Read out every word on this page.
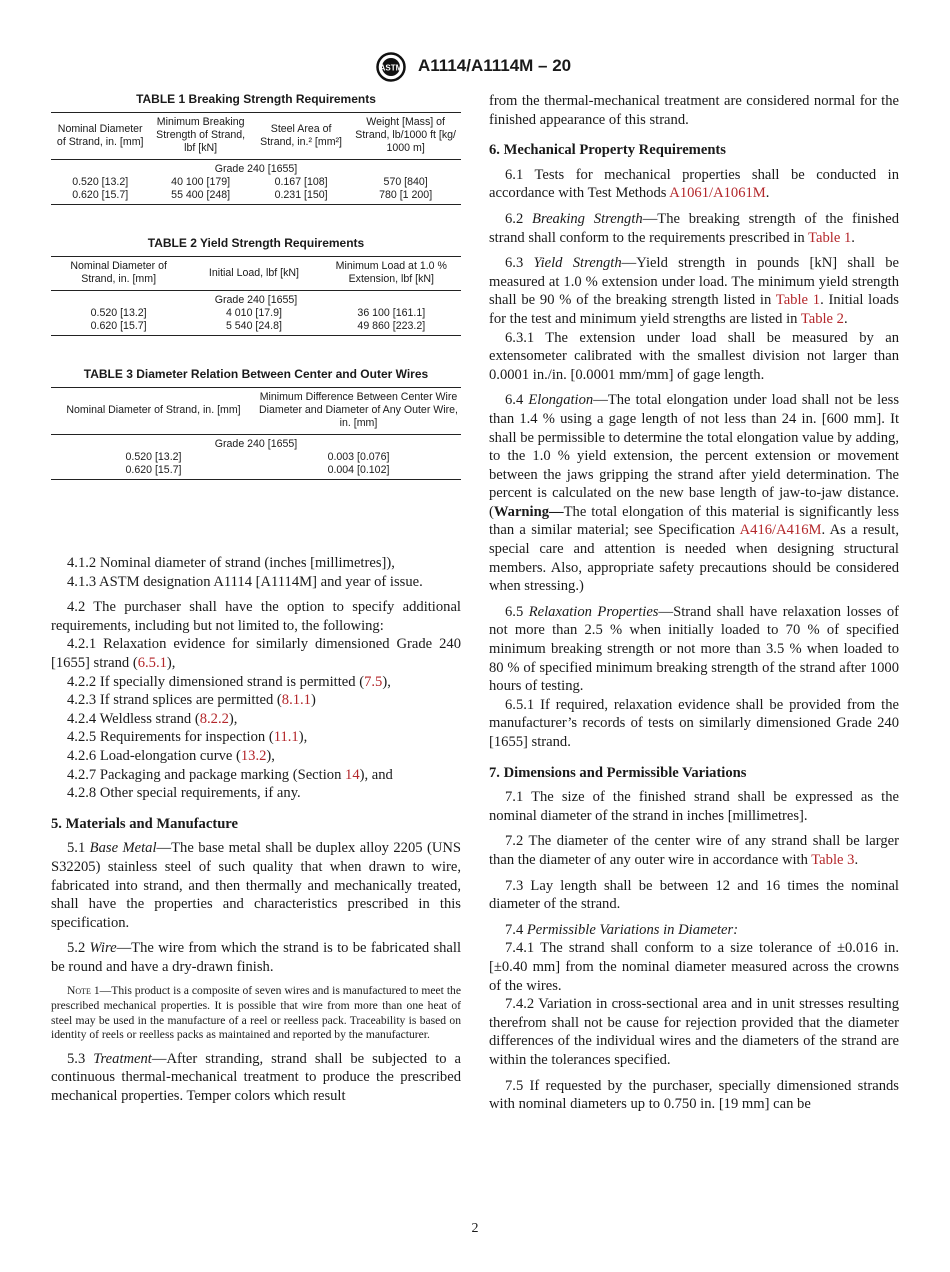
ASTM A1114/A1114M – 20
TABLE 1 Breaking Strength Requirements
Nominal Diameter of Strand, in. [mm]	Minimum Breaking Strength of Strand, lbf [kN]	Steel Area of Strand, in.² [mm²]	Weight [Mass] of Strand, lb/1000 ft [kg/ 1000 m]
Grade 240 [1655]			
0.520 [13.2]	40 100 [179]	0.167 [108]	570 [840]
0.620 [15.7]	55 400 [248]	0.231 [150]	780 [1 200]
TABLE 2 Yield Strength Requirements
Nominal Diameter of Strand, in. [mm]	Initial Load, lbf [kN]	Minimum Load at 1.0 % Extension, lbf [kN]
Grade 240 [1655]		
0.520 [13.2]	4 010 [17.9]	36 100 [161.1]
0.620 [15.7]	5 540 [24.8]	49 860 [223.2]
TABLE 3 Diameter Relation Between Center and Outer Wires
Nominal Diameter of Strand, in. [mm]	Minimum Difference Between Center Wire Diameter and Diameter of Any Outer Wire, in. [mm]
Grade 240 [1655]	
0.520 [13.2]	0.003 [0.076]
0.620 [15.7]	0.004 [0.102]

4.1.2 Nominal diameter of strand (inches [millimetres]),

4.1.3 ASTM designation A1114 [A1114M] and year of issue.

4.2 The purchaser shall have the option to specify additional requirements, including but not limited to, the following:

4.2.1 Relaxation evidence for similarly dimensioned Grade 240 [1655] strand (6.5.1),

4.2.2 If specially dimensioned strand is permitted (7.5),

4.2.3 If strand splices are permitted (8.1.1)

4.2.4 Weldless strand (8.2.2),

4.2.5 Requirements for inspection (11.1),

4.2.6 Load-elongation curve (13.2),

4.2.7 Packaging and package marking (Section 14), and

4.2.8 Other special requirements, if any.

5. Materials and Manufacture

5.1 Base Metal—The base metal shall be duplex alloy 2205 (UNS S32205) stainless steel of such quality that when drawn to wire, fabricated into strand, and then thermally and mechanically treated, shall have the properties and characteristics prescribed in this specification.

5.2 Wire—The wire from which the strand is to be fabricated shall be round and have a dry-drawn finish.

Note 1—This product is a composite of seven wires and is manufactured to meet the prescribed mechanical properties. It is possible that wire from more than one heat of steel may be used in the manufacture of a reel or reelless pack. Traceability is based on identity of reels or reelless packs as maintained and reported by the manufacturer.

5.3 Treatment—After stranding, strand shall be subjected to a continuous thermal-mechanical treatment to produce the prescribed mechanical properties. Temper colors which result

from the thermal-mechanical treatment are considered normal for the finished appearance of this strand.

6. Mechanical Property Requirements

6.1 Tests for mechanical properties shall be conducted in accordance with Test Methods A1061/A1061M.

6.2 Breaking Strength—The breaking strength of the finished strand shall conform to the requirements prescribed in Table 1.

6.3 Yield Strength—Yield strength in pounds [kN] shall be measured at 1.0 % extension under load. The minimum yield strength shall be 90 % of the breaking strength listed in Table 1. Initial loads for the test and minimum yield strengths are listed in Table 2.

6.3.1 The extension under load shall be measured by an extensometer calibrated with the smallest division not larger than 0.0001 in./in. [0.0001 mm/mm] of gage length.

6.4 Elongation—The total elongation under load shall not be less than 1.4 % using a gage length of not less than 24 in. [600 mm]. It shall be permissible to determine the total elongation value by adding, to the 1.0 % yield extension, the percent extension or movement between the jaws gripping the strand after yield determination. The percent is calculated on the new base length of jaw-to-jaw distance. (Warning—The total elongation of this material is significantly less than a similar material; see Specification A416/A416M. As a result, special care and attention is needed when designing structural members. Also, appropriate safety precautions should be considered when stressing.)

6.5 Relaxation Properties—Strand shall have relaxation losses of not more than 2.5 % when initially loaded to 70 % of specified minimum breaking strength or not more than 3.5 % when loaded to 80 % of specified minimum breaking strength of the strand after 1000 hours of testing.

6.5.1 If required, relaxation evidence shall be provided from the manufacturer’s records of tests on similarly dimensioned Grade 240 [1655] strand.

7. Dimensions and Permissible Variations

7.1 The size of the finished strand shall be expressed as the nominal diameter of the strand in inches [millimetres].

7.2 The diameter of the center wire of any strand shall be larger than the diameter of any outer wire in accordance with Table 3.

7.3 Lay length shall be between 12 and 16 times the nominal diameter of the strand.

7.4 Permissible Variations in Diameter:

7.4.1 The strand shall conform to a size tolerance of ±0.016 in. [±0.40 mm] from the nominal diameter measured across the crowns of the wires.

7.4.2 Variation in cross-sectional area and in unit stresses resulting therefrom shall not be cause for rejection provided that the diameter differences of the individual wires and the diameters of the strand are within the tolerances specified.

7.5 If requested by the purchaser, specially dimensioned strands with nominal diameters up to 0.750 in. [19 mm] can be

2
